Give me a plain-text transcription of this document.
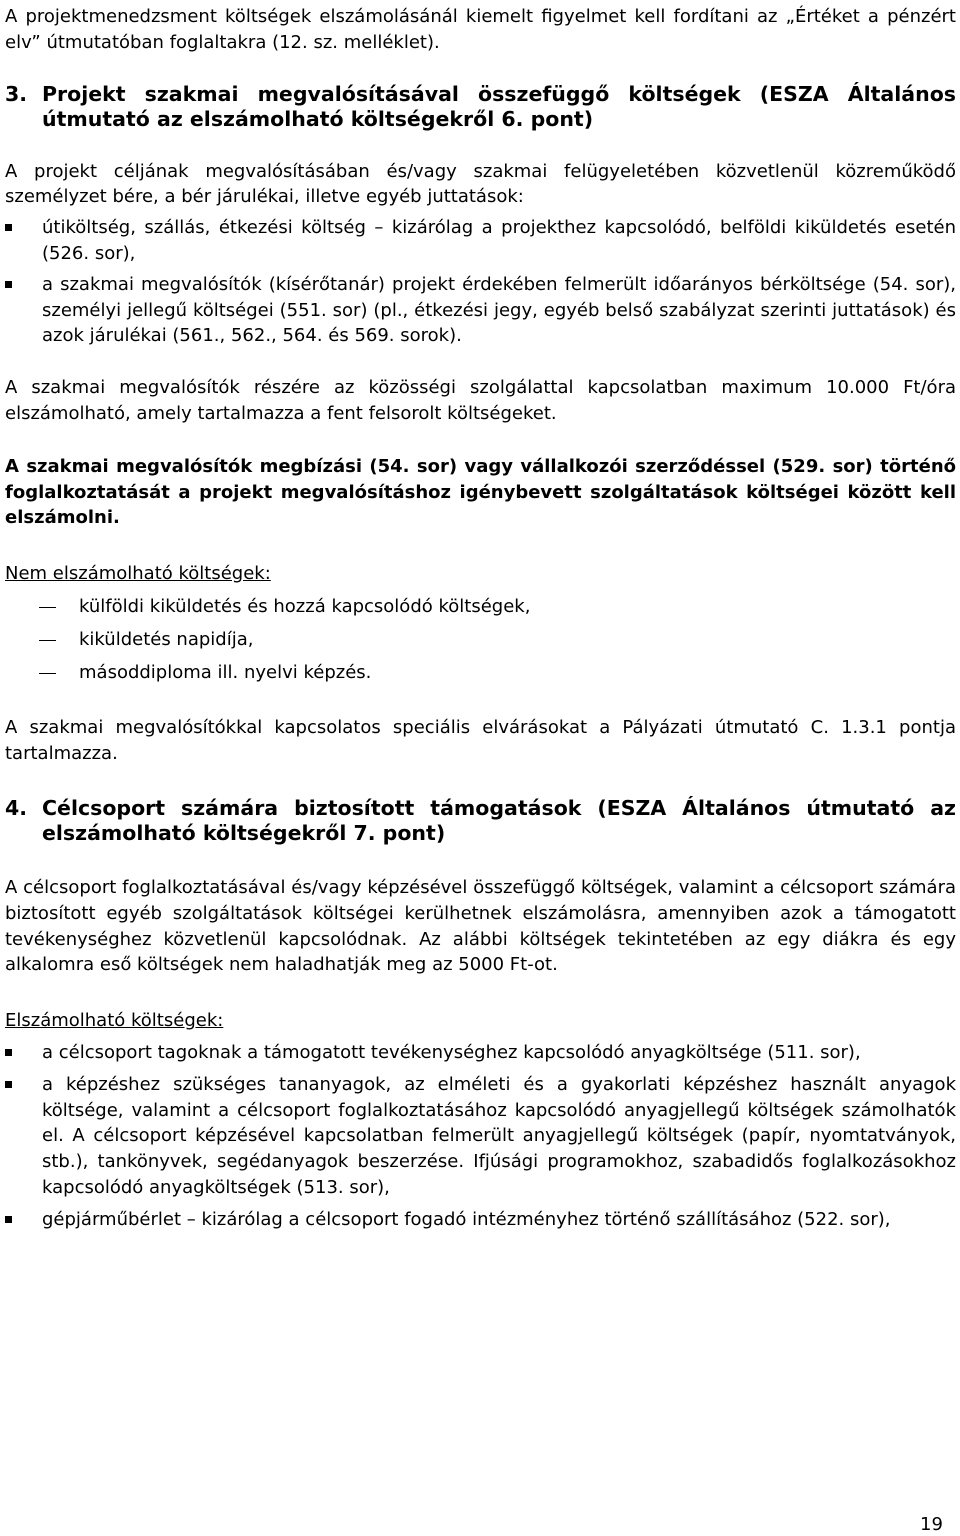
A projektmenedzsment költségek elszámolásánál kiemelt figyelmet kell fordítani az „Értéket a pénzért elv” útmutatóban foglaltakra (12. sz. melléklet).

3. Projekt szakmai megvalósításával összefüggő költségek (ESZA Általános útmutató az elszámolható költségekről 6. pont)

A projekt céljának megvalósításában és/vagy szakmai felügyeletében közvetlenül közreműködő személyzet bére, a bér járulékai, illetve egyéb juttatások:

útiköltség, szállás, étkezési költség – kizárólag a projekthez kapcsolódó, belföldi kiküldetés esetén (526. sor),
a szakmai megvalósítók (kísérőtanár) projekt érdekében felmerült időarányos bérköltsége (54. sor), személyi jellegű költségei (551. sor) (pl., étkezési jegy, egyéb belső szabályzat szerinti juttatások) és azok járulékai (561., 562., 564. és 569. sorok).

A szakmai megvalósítók részére az közösségi szolgálattal kapcsolatban maximum 10.000 Ft/óra elszámolható, amely tartalmazza a fent felsorolt költségeket.

A szakmai megvalósítók megbízási (54. sor) vagy vállalkozói szerződéssel (529. sor) történő foglalkoztatását a projekt megvalósításhoz igénybevett szolgáltatások költségei között kell elszámolni.

Nem elszámolható költségek:

külföldi kiküldetés és hozzá kapcsolódó költségek,
kiküldetés napidíja,
másoddiploma ill. nyelvi képzés.

A szakmai megvalósítókkal kapcsolatos speciális elvárásokat a Pályázati útmutató C. 1.3.1 pontja tartalmazza.

4. Célcsoport számára biztosított támogatások (ESZA Általános útmutató az elszámolható költségekről 7. pont)

A célcsoport foglalkoztatásával és/vagy képzésével összefüggő költségek, valamint a célcsoport számára biztosított egyéb szolgáltatások költségei kerülhetnek elszámolásra, amennyiben azok a támogatott tevékenységhez közvetlenül kapcsolódnak. Az alábbi költségek tekintetében az egy diákra és egy alkalomra eső költségek nem haladhatják meg az 5000 Ft-ot.

Elszámolható költségek:

a célcsoport tagoknak a támogatott tevékenységhez kapcsolódó anyagköltsége (511. sor),
a képzéshez szükséges tananyagok, az elméleti és a gyakorlati képzéshez használt anyagok költsége, valamint a célcsoport foglalkoztatásához kapcsolódó anyagjellegű költségek számolhatók el. A célcsoport képzésével kapcsolatban felmerült anyagjellegű költségek (papír, nyomtatványok, stb.), tankönyvek, segédanyagok beszerzése. Ifjúsági programokhoz, szabadidős foglalkozásokhoz kapcsolódó anyagköltségek (513. sor),
gépjárműbérlet – kizárólag a célcsoport fogadó intézményhez történő szállításához (522. sor),
19
